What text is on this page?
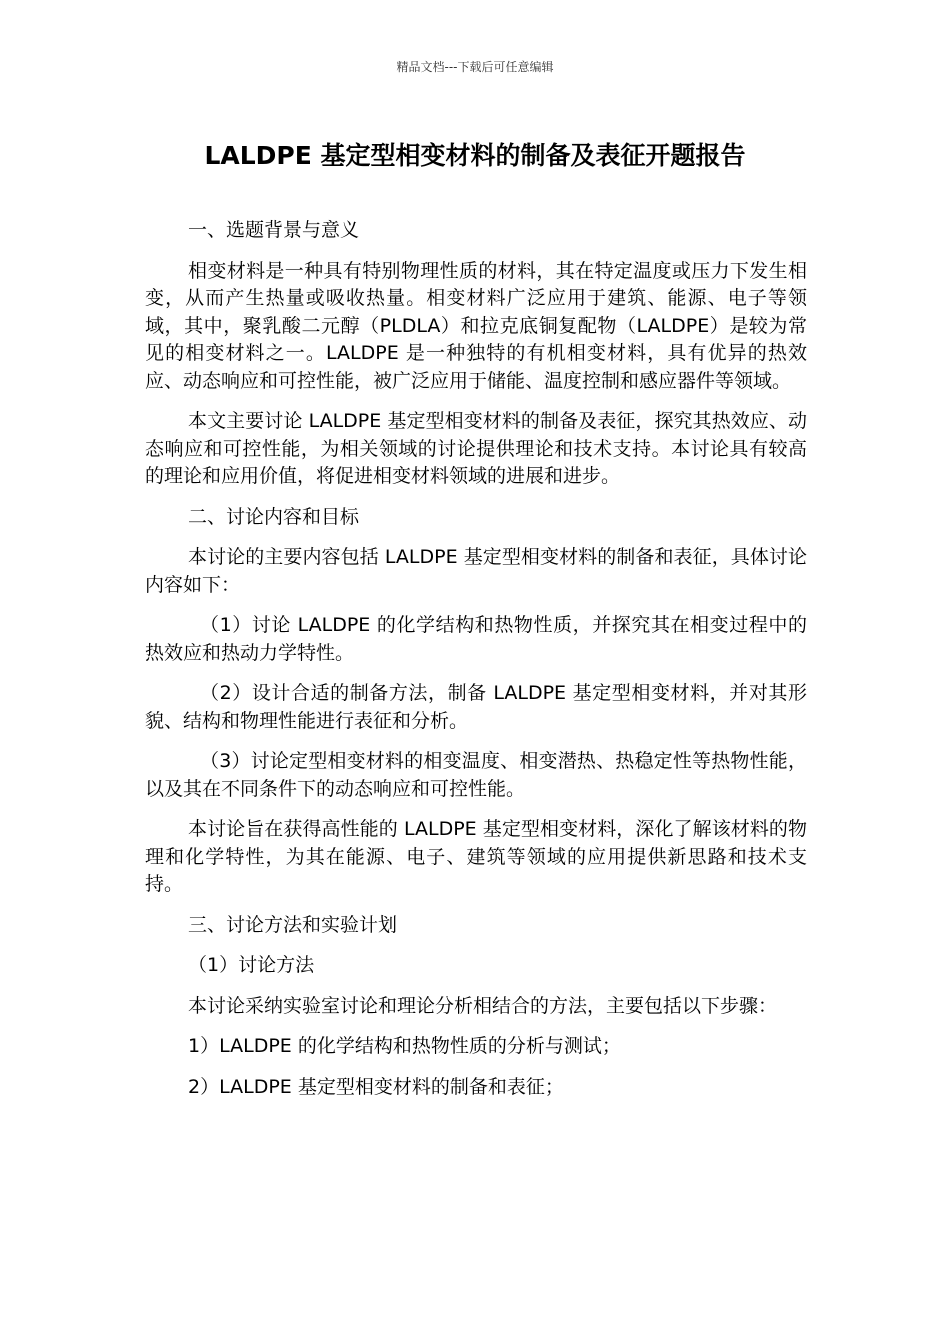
精品文档---下载后可任意编辑
LALDPE 基定型相变材料的制备及表征开题报告

一、选题背景与意义

相变材料是一种具有特别物理性质的材料，其在特定温度或压力下发生相变，从而产生热量或吸收热量。相变材料广泛应用于建筑、能源、电子等领域，其中，聚乳酸二元醇（PLDLA）和拉克底铜复配物（LALDPE）是较为常见的相变材料之一。LALDPE 是一种独特的有机相变材料，具有优异的热效应、动态响应和可控性能，被广泛应用于储能、温度控制和感应器件等领域。

本文主要讨论 LALDPE 基定型相变材料的制备及表征，探究其热效应、动态响应和可控性能，为相关领域的讨论提供理论和技术支持。本讨论具有较高的理论和应用价值，将促进相变材料领域的进展和进步。

二、讨论内容和目标

本讨论的主要内容包括 LALDPE 基定型相变材料的制备和表征，具体讨论内容如下：

（1）讨论 LALDPE 的化学结构和热物性质，并探究其在相变过程中的热效应和热动力学特性。

（2）设计合适的制备方法，制备 LALDPE 基定型相变材料，并对其形貌、结构和物理性能进行表征和分析。

（3）讨论定型相变材料的相变温度、相变潜热、热稳定性等热物性能，以及其在不同条件下的动态响应和可控性能。

本讨论旨在获得高性能的 LALDPE 基定型相变材料，深化了解该材料的物理和化学特性，为其在能源、电子、建筑等领域的应用提供新思路和技术支持。

三、讨论方法和实验计划

（1）讨论方法

本讨论采纳实验室讨论和理论分析相结合的方法，主要包括以下步骤：

1）LALDPE 的化学结构和热物性质的分析与测试；

2）LALDPE 基定型相变材料的制备和表征；
